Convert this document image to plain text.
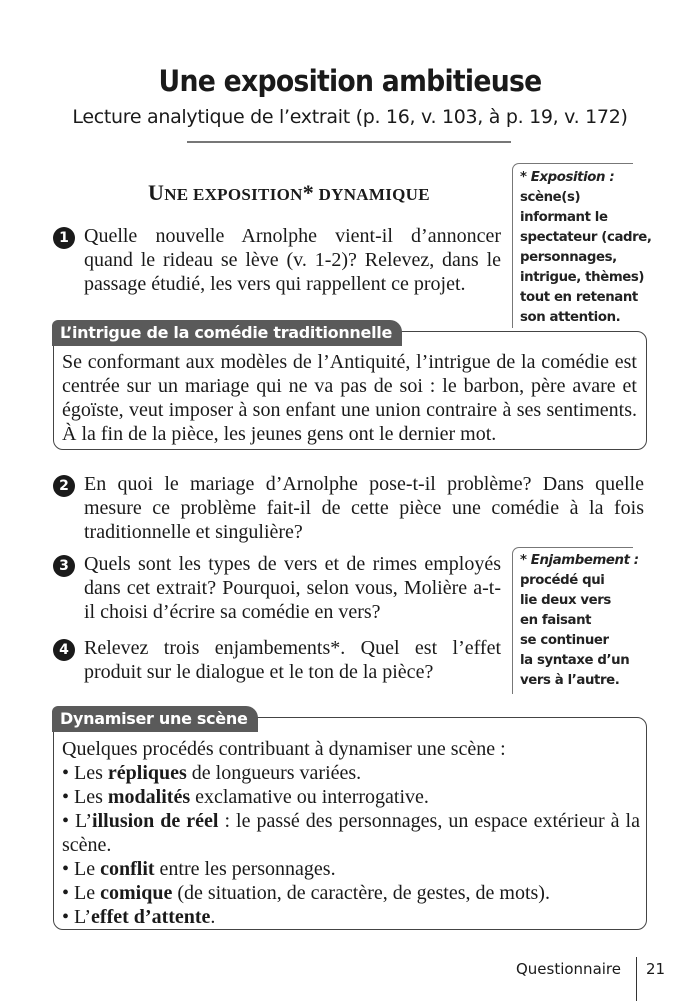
Une exposition ambitieuse
Lecture analytique de l’extrait (p. 16, v. 103, à p. 19, v. 172)
UNE EXPOSITION* DYNAMIQUE
* Exposition :
scène(s)
informant le
spectateur (cadre,
personnages,
intrigue, thèmes)
tout en retenant
son attention.
1 Quelle nouvelle Arnolphe vient-il d’annoncer quand le rideau se lève (v. 1-2)? Relevez, dans le passage étudié, les vers qui rappellent ce projet.
L’intrigue de la comédie traditionnelle
Se conformant aux modèles de l’Antiquité, l’intrigue de la comédie est centrée sur un mariage qui ne va pas de soi : le barbon, père avare et égoïste, veut imposer à son enfant une union contraire à ses sentiments. À la fin de la pièce, les jeunes gens ont le dernier mot.
2 En quoi le mariage d’Arnolphe pose-t-il problème? Dans quelle mesure ce problème fait-il de cette pièce une comédie à la fois traditionnelle et singulière?
* Enjambement :
procédé qui
lie deux vers
en faisant
se continuer
la syntaxe d’un
vers à l’autre.
3 Quels sont les types de vers et de rimes employés dans cet extrait? Pourquoi, selon vous, Molière a-t-il choisi d’écrire sa comédie en vers?
4 Relevez trois enjambements*. Quel est l’effet produit sur le dialogue et le ton de la pièce?
Dynamiser une scène
Quelques procédés contribuant à dynamiser une scène :
• Les répliques de longueurs variées.
• Les modalités exclamative ou interrogative.
• L’illusion de réel : le passé des personnages, un espace extérieur à la scène.
• Le conflit entre les personnages.
• Le comique (de situation, de caractère, de gestes, de mots).
• L’effet d’attente.
Questionnaire 21
